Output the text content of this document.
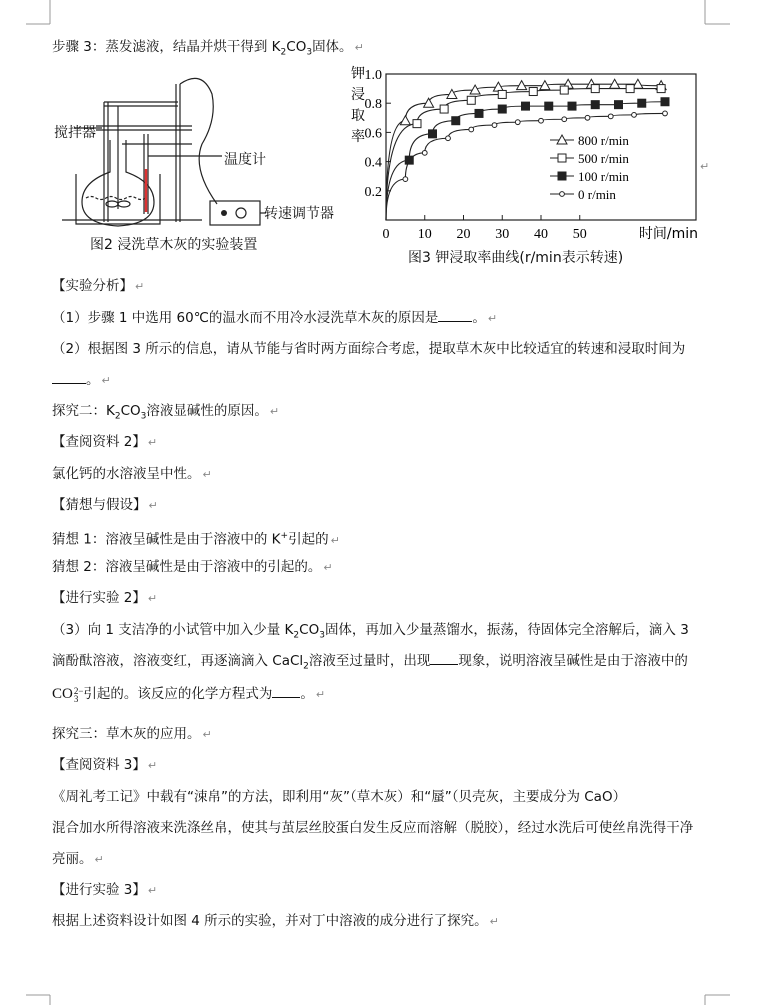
步骤 3：蒸发滤液，结晶并烘干得到 $K_2CO_3$固体。 ↵
搅拌器
温度计
转速调节器
图2 浸洗草木灰的实验装置
0.2
0.4
0.6
0.8
1.0
0 10 20 30 40 50	时间/min
钾
浸
取
率	800 r/min
500 r/min
100 r/min
0 r/min
图3 钾浸取率曲线(r/min表示转速)
↵
【实验分析】 ↵
（1）步骤 1 中选用 60℃的温水而不用冷水浸洗草木灰的原因是	。 ↵
（2）根据图 3 所示的信息，请从节能与省时两方面综合考虑，提取草木灰中比较适宜的转速和浸取时间为
。 ↵
探究二：$K_2CO_3$溶液显碱性的原因。 ↵
【查阅资料 2】 ↵
氯化钙的水溶液呈中性。 ↵
【猜想与假设】 ↵
猜想 1：溶液呈碱性是由于溶液中的 K+引起的 ↵
猜想 2：溶液呈碱性是由于溶液中的引起的。 ↵
【进行实验 2】 ↵
（3）向 1 支洁净的小试管中加入少量 $K_2CO_3$固体，再加入少量蒸馏水，振荡，待固体完全溶解后，滴入 3
滴酚酞溶液，溶液变红，再逐滴滴入 CaCl$_2$溶液至过量时，出现 现象，说明溶液呈碱性是由于溶液中的
CO 2−
3 引起的。该反应的化学方程式为 。 ↵
探究三：草木灰的应用。 ↵
【查阅资料 3】 ↵
《周礼考工记》中载有“涑帛”的方法，即利用“灰”（草木灰）和“蜃”（贝壳灰，主要成分为 CaO）
混合加水所得溶液来洗涤丝帛，使其与茧层丝胶蛋白发生反应而溶解（脱胶），经过水洗后可使丝帛洗得干净
亮丽。 ↵
【进行实验 3】 ↵
根据上述资料设计如图 4 所示的实验，并对丁中溶液的成分进行了探究。 ↵
